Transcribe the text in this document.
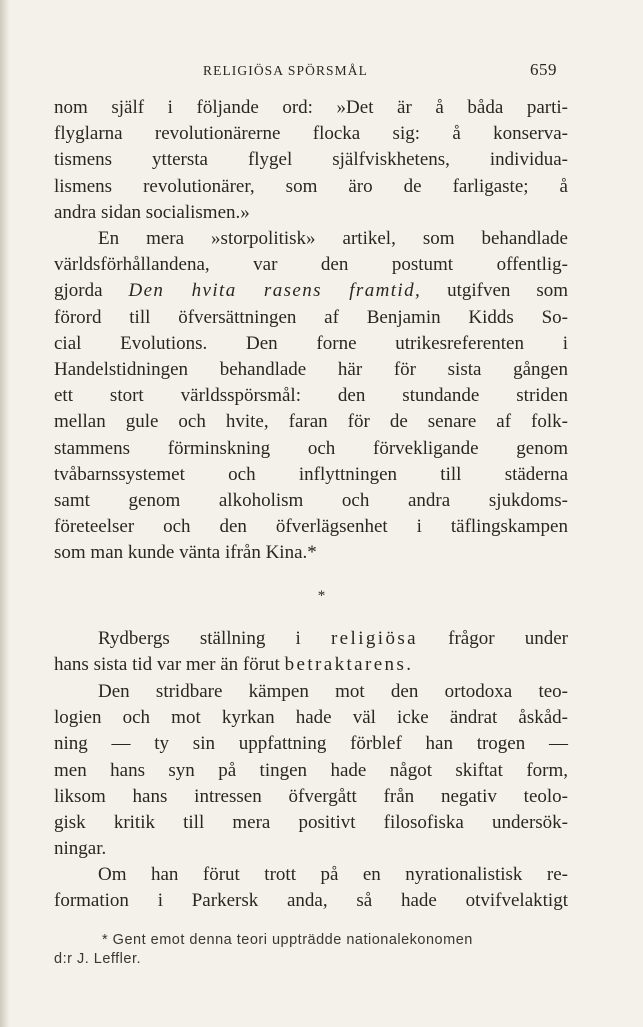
RELIGIÖSA SPÖRSMÅL	659
nom själf i följande ord: »Det är å båda parti-
flyglarna revolutionärerne flocka sig: å konserva-
tismens yttersta flygel själfviskhetens, individua-
lismens revolutionärer, som äro de farligaste; å
andra sidan socialismen.»
En mera »storpolitisk» artikel, som behandlade
världsförhållandena, var den postumt offentlig-
gjorda Den hvita rasens framtid, utgifven som
förord till öfversättningen af Benjamin Kidds So-
cial Evolutions. Den forne utrikesreferenten i
Handelstidningen behandlade här för sista gången
ett stort världsspörsmål: den stundande striden
mellan gule och hvite, faran för de senare af folk-
stammens förminskning och förvekligande genom
tvåbarnssystemet och inflyttningen till städerna
samt genom alkoholism och andra sjukdoms-
företeelser och den öfverlägsenhet i täflingskampen
som man kunde vänta ifrån Kina.*
*
Rydbergs ställning i religiösa frågor under
hans sista tid var mer än förut betraktarens.
Den stridbare kämpen mot den ortodoxa teo-
logien och mot kyrkan hade väl icke ändrat åskåd-
ning — ty sin uppfattning förblef han trogen —
men hans syn på tingen hade något skiftat form,
liksom hans intressen öfvergått från negativ teolo-
gisk kritik till mera positivt filosofiska undersök-
ningar.
Om han förut trott på en nyrationalistisk re-
formation i Parkersk anda, så hade otvifvelaktigt
* Gent emot denna teori uppträdde nationalekonomen
d:r J. Leffler.
